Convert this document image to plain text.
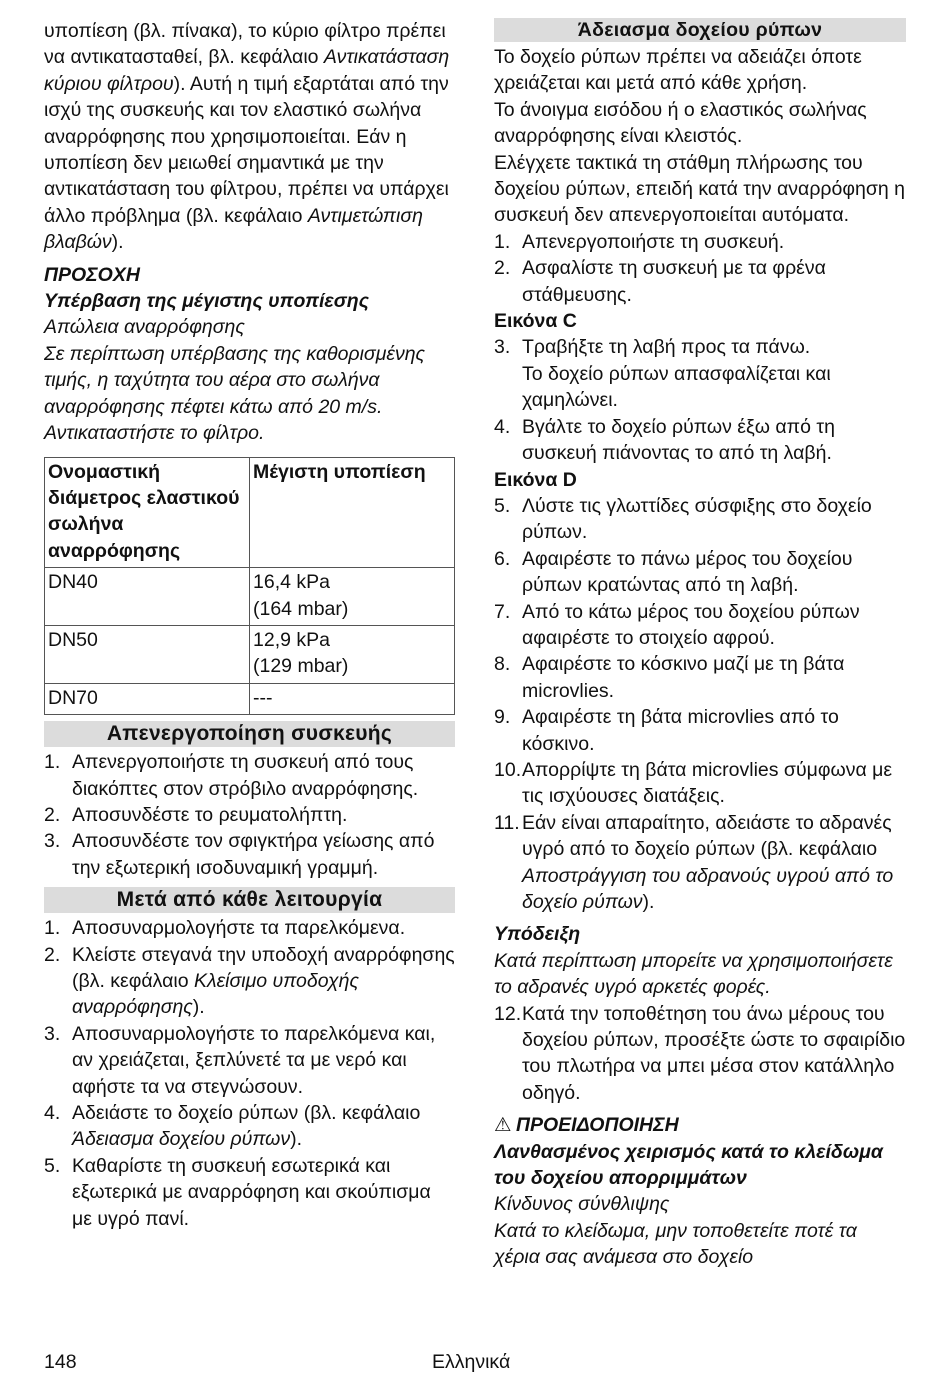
υποπίεση (βλ. πίνακα), το κύριο φίλτρο πρέπει να αντικατασταθεί, βλ. κεφάλαιο Αντικατάσταση κύριου φίλτρου). Αυτή η τιμή εξαρτάται από την ισχύ της συσκευής και τον ελαστικό σωλήνα αναρρόφησης που χρησιμοποιείται. Εάν η υποπίεση δεν μειωθεί σημαντικά με την αντικατάσταση του φίλτρου, πρέπει να υπάρχει άλλο πρόβλημα (βλ. κεφάλαιο Αντιμετώπιση βλαβών).

ΠΡΟΣΟΧΗ

Υπέρβαση της μέγιστης υποπίεσης

Απώλεια αναρρόφησης

Σε περίπτωση υπέρβασης της καθορισμένης τιμής, η ταχύτητα του αέρα στο σωλήνα αναρρόφησης πέφτει κάτω από 20 m/s. Αντικαταστήστε το φίλτρο.

Ονομαστική διάμετρος ελαστικού σωλήνα αναρρόφησης	Μέγιστη υποπίεση
DN40	16,4 kPa
(164 mbar)

DN50	12,9 kPa
(129 mbar)

DN70	---
Απενεργοποίηση συσκευής
1. Απενεργοποιήστε τη συσκευή από τους διακόπτες στον στρόβιλο αναρρόφησης.
2. Αποσυνδέστε το ρευματολήπτη.
3. Αποσυνδέστε τον σφιγκτήρα γείωσης από την εξωτερική ισοδυναμική γραμμή.
Μετά από κάθε λειτουργία
1. Αποσυναρμολογήστε τα παρελκόμενα.
2. Κλείστε στεγανά την υποδοχή αναρρόφησης (βλ. κεφάλαιο Κλείσιμο υποδοχής αναρρόφησης).
3. Αποσυναρμολογήστε το παρελκόμενα και, αν χρειάζεται, ξεπλύνετέ τα με νερό και αφήστε τα να στεγνώσουν.
4. Αδειάστε το δοχείο ρύπων (βλ. κεφάλαιο Άδειασμα δοχείου ρύπων).
5. Καθαρίστε τη συσκευή εσωτερικά και εξωτερικά με αναρρόφηση και σκούπισμα με υγρό πανί.
Άδειασμα δοχείου ρύπων

Το δοχείο ρύπων πρέπει να αδειάζει όποτε χρειάζεται και μετά από κάθε χρήση.

Το άνοιγμα εισόδου ή ο ελαστικός σωλήνας αναρρόφησης είναι κλειστός.

Ελέγχετε τακτικά τη στάθμη πλήρωσης του δοχείου ρύπων, επειδή κατά την αναρρόφηση η συσκευή δεν απενεργοποιείται αυτόματα.

1. Απενεργοποιήστε τη συσκευή.
2. Ασφαλίστε τη συσκευή με τα φρένα στάθμευσης.

Εικόνα C

3. Τραβήξτε τη λαβή προς τα πάνω.

Το δοχείο ρύπων απασφαλίζεται και χαμηλώνει.

4. Βγάλτε το δοχείο ρύπων έξω από τη συσκευή πιάνοντας το από τη λαβή.

Εικόνα D

5. Λύστε τις γλωττίδες σύσφιξης στο δοχείο ρύπων.
6. Αφαιρέστε το πάνω μέρος του δοχείου ρύπων κρατώντας από τη λαβή.
7. Από το κάτω μέρος του δοχείου ρύπων αφαιρέστε το στοιχείο αφρού.
8. Αφαιρέστε το κόσκινο μαζί με τη βάτα microvlies.
9. Αφαιρέστε τη βάτα microvlies από το κόσκινο.
10. Απορρίψτε τη βάτα microvlies σύμφωνα με τις ισχύουσες διατάξεις.
11. Εάν είναι απαραίτητο, αδειάστε το αδρανές υγρό από το δοχείο ρύπων (βλ. κεφάλαιο Αποστράγγιση του αδρανούς υγρού από το δοχείο ρύπων).

Υπόδειξη

Κατά περίπτωση μπορείτε να χρησιμοποιήσετε το αδρανές υγρό αρκετές φορές.

12. Κατά την τοποθέτηση του άνω μέρους του δοχείου ρύπων, προσέξτε ώστε το σφαιρίδιο του πλωτήρα να μπει μέσα στον κατάλληλο οδηγό.

⚠ ΠΡΟΕΙΔΟΠΟΙΗΣΗ

Λανθασμένος χειρισμός κατά το κλείδωμα του δοχείου απορριμμάτων

Κίνδυνος σύνθλιψης

Κατά το κλείδωμα, μην τοποθετείτε ποτέ τα χέρια σας ανάμεσα στο δοχείο

148	Ελληνικά
